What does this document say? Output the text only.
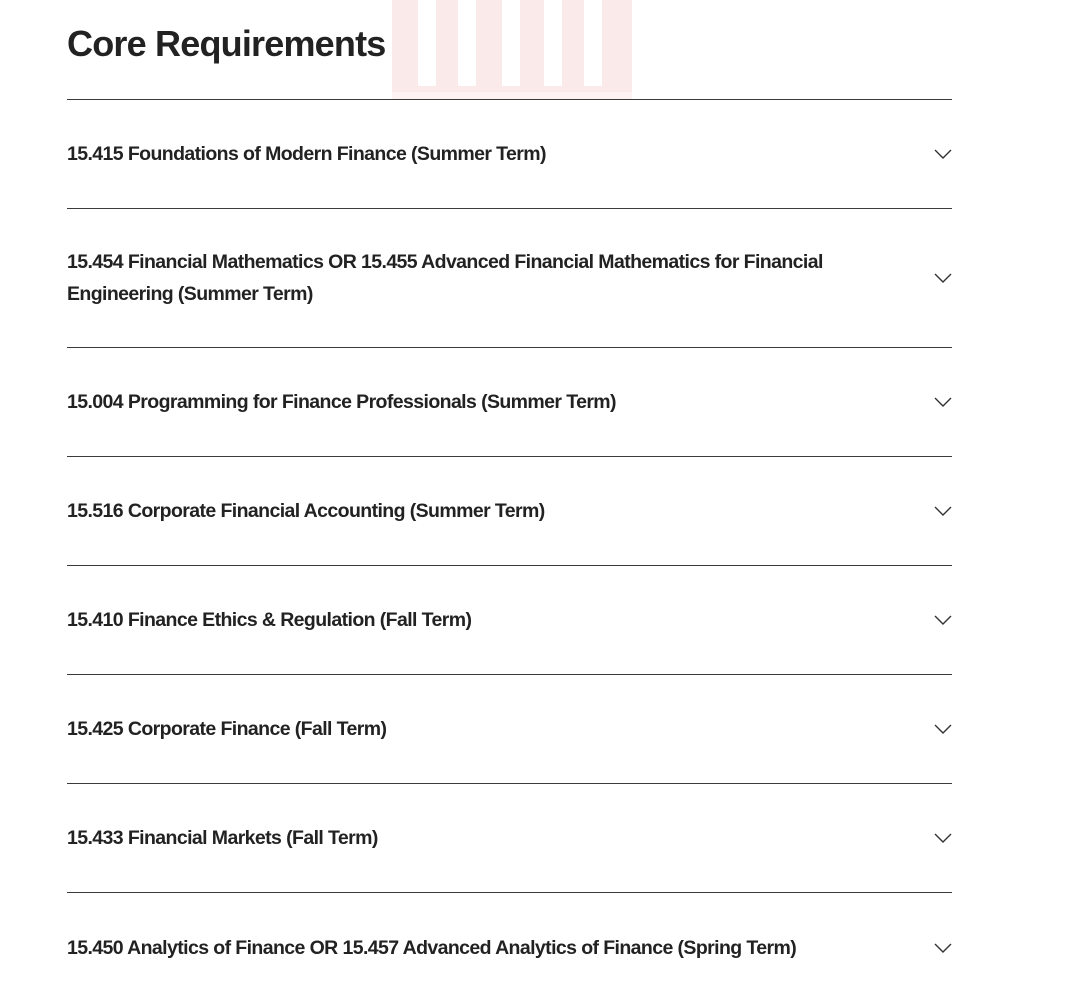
Core Requirements
15.415 Foundations of Modern Finance (Summer Term)
15.454 Financial Mathematics OR 15.455 Advanced Financial Mathematics for Financial Engineering (Summer Term)
15.004 Programming for Finance Professionals (Summer Term)
15.516 Corporate Financial Accounting (Summer Term)
15.410 Finance Ethics & Regulation (Fall Term)
15.425 Corporate Finance (Fall Term)
15.433 Financial Markets (Fall Term)
15.450 Analytics of Finance OR 15.457 Advanced Analytics of Finance (Spring Term)
